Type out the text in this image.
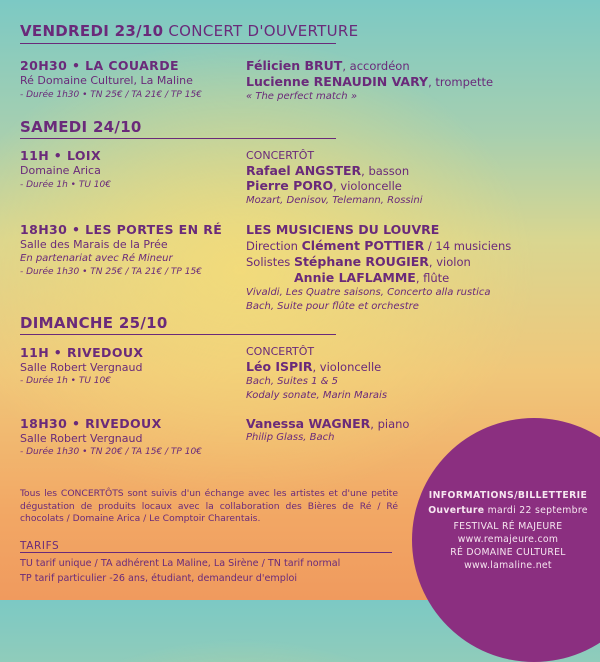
VENDREDI 23/10 CONCERT D'OUVERTURE
20H30 • LA COUARDE
Ré Domaine Culturel, La Maline
- Durée 1h30 • TN 25€ / TA 21€ / TP 15€
Félicien BRUT, accordéon
Lucienne RENAUDIN VARY, trompette
« The perfect match »
SAMEDI 24/10
11H • LOIX
Domaine Arica
- Durée 1h • TU 10€
CONCERTÔT
Rafael ANGSTER, basson
Pierre PORO, violoncelle
Mozart, Denisov, Telemann, Rossini
18H30 • LES PORTES EN RÉ
Salle des Marais de la Prée
En partenariat avec Ré Mineur
- Durée 1h30 • TN 25€ / TA 21€ / TP 15€
LES MUSICIENS DU LOUVRE
Direction Clément POTTIER / 14 musiciens
Solistes Stéphane ROUGIER, violon
Annie LAFLAMME, flûte
Vivaldi, Les Quatre saisons, Concerto alla rustica
Bach, Suite pour flûte et orchestre
DIMANCHE 25/10
11H • RIVEDOUX
Salle Robert Vergnaud
- Durée 1h • TU 10€
CONCERTÔT
Léo ISPIR, violoncelle
Bach, Suites 1 & 5
Kodaly sonate, Marin Marais
18H30 • RIVEDOUX
Salle Robert Vergnaud
- Durée 1h30 • TN 20€ / TA 15€ / TP 10€
Vanessa WAGNER, piano
Philip Glass, Bach
Tous les CONCERTÔTS sont suivis d'un échange avec les artistes et d'une petite dégustation de produits locaux avec la collaboration des Bières de Ré / Ré chocolats / Domaine Arica / Le Comptoir Charentais.
TARIFS
TU tarif unique / TA adhérent La Maline, La Sirène / TN tarif normal
TP tarif particulier -26 ans, étudiant, demandeur d'emploi
INFORMATIONS/BILLETTERIE
Ouverture mardi 22 septembre
FESTIVAL RÉ MAJEURE
www.remajeure.com
RÉ DOMAINE CULTUREL
www.lamaline.net
